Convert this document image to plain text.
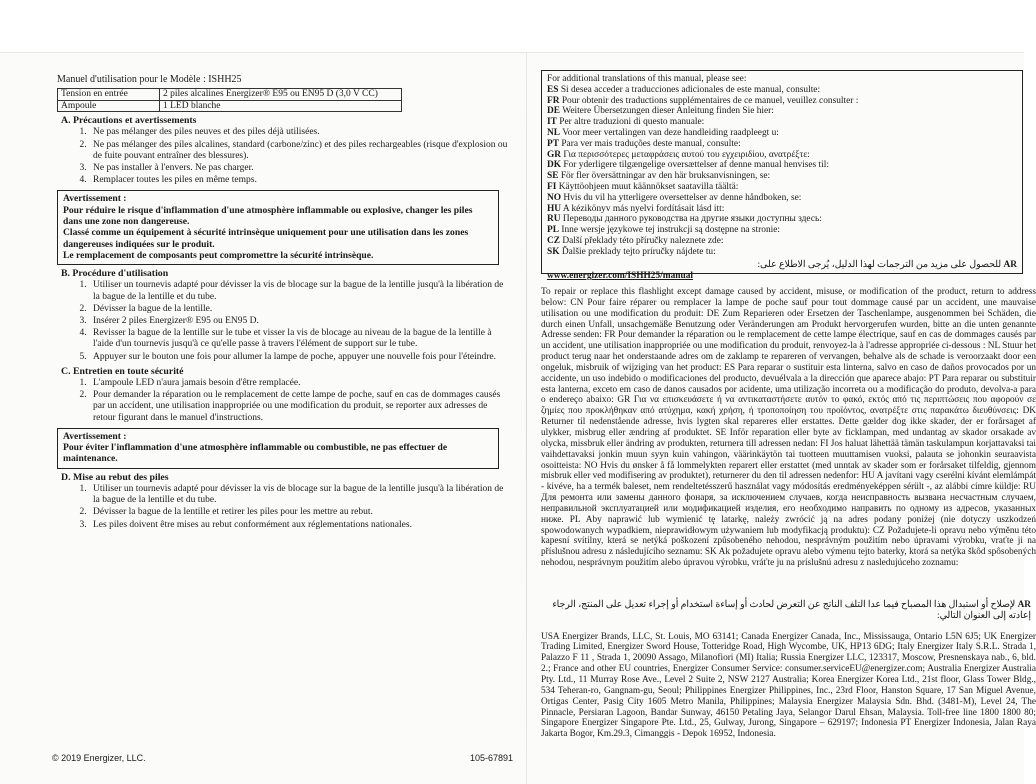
Manuel d'utilisation pour le Modèle : ISHH25
Tension en entrée	2 piles alcalines Energizer® E95 ou EN95 D (3,0 V CC)
Ampoule	1 LED blanche
A. Précautions et avertissements
1. Ne pas mélanger des piles neuves et des piles déjà utilisées.
2. Ne pas mélanger des piles alcalines, standard (carbone/zinc) et des piles rechargeables (risque d'explosion ou de fuite pouvant entraîner des blessures).
3. Ne pas installer à l'envers. Ne pas charger.
4. Remplacer toutes les piles en même temps.
Avertissement :
Pour réduire le risque d'inflammation d'une atmosphère inflammable ou explosive, changer les piles dans une zone non dangereuse.
Classé comme un équipement à sécurité intrinsèque uniquement pour une utilisation dans les zones dangereuses indiquées sur le produit.
Le remplacement de composants peut compromettre la sécurité intrinsèque.
B. Procédure d'utilisation
1. Utiliser un tournevis adapté pour dévisser la vis de blocage sur la bague de la lentille jusqu'à la libération de la bague de la lentille et du tube.
2. Dévisser la bague de la lentille.
3. Insérer 2 piles Energizer® E95 ou EN95 D.
4. Revisser la bague de la lentille sur le tube et visser la vis de blocage au niveau de la bague de la lentille à l'aide d'un tournevis jusqu'à ce qu'elle passe à travers l'élément de support sur le tube.
5. Appuyer sur le bouton une fois pour allumer la lampe de poche, appuyer une nouvelle fois pour l'éteindre.
C. Entretien en toute sécurité
1. L'ampoule LED n'aura jamais besoin d'être remplacée.
2. Pour demander la réparation ou le remplacement de cette lampe de poche, sauf en cas de dommages causés par un accident, une utilisation inappropriée ou une modification du produit, se reporter aux adresses de retour figurant dans le manuel d'instructions.
Avertissement :
Pour éviter l'inflammation d'une atmosphère inflammable ou combustible, ne pas effectuer de maintenance.
D. Mise au rebut des piles
1. Utiliser un tournevis adapté pour dévisser la vis de blocage sur la bague de la lentille jusqu'à la libération de la bague de la lentille et du tube.
2. Dévisser la bague de la lentille et retirer les piles pour les mettre au rebut.
3. Les piles doivent être mises au rebut conformément aux réglementations nationales.
© 2019 Energizer, LLC.	105-67891
For additional translations of this manual, please see:
ES Si desea acceder a traducciones adicionales de este manual, consulte:
FR Pour obtenir des traductions supplémentaires de ce manuel, veuillez consulter :
DE Weitere Übersetzungen dieser Anleitung finden Sie hier:
IT Per altre traduzioni di questo manuale:
NL Voor meer vertalingen van deze handleiding raadpleegt u:
PT Para ver mais traduções deste manual, consulte:
GR Για περισσότερες μεταφράσεις αυτού του εγχειριδίου, ανατρέξτε:
DK For yderligere tilgængelige oversættelser af denne manual henvises til:
SE För fler översättningar av den här bruksanvisningen, se:
FI Käyttöohjeen muut käännökset saatavilla täältä:
NO Hvis du vil ha ytterligere oversettelser av denne håndboken, se:
HU A kézikönyv más nyelvi fordításait lásd itt:
RU Переводы данного руководства на другие языки доступны здесь:
PL Inne wersje językowe tej instrukcji są dostępne na stronie:
CZ Další překlady této příručky naleznete zde:
SK Ďalšie preklady tejto príručky nájdete tu:
AR للحصول على مزيد من الترجمات لهذا الدليل، يُرجى الاطلاع على:
www.energizer.com/ISHH25/manual
To repair or replace this flashlight except damage caused by accident, misuse, or modification of the product, return to address below: CN Pour faire réparer ou remplacer la lampe de poche sauf pour tout dommage causé par un accident, une mauvaise utilisation ou une modification du produit: DE Zum Reparieren oder Ersetzen der Taschenlampe, ausgenommen bei Schäden, die durch einen Unfall, unsachgemäße Benutzung oder Veränderungen am Produkt hervorgerufen wurden, bitte an die unten genannte Adresse senden: FR Pour demander la réparation ou le remplacement de cette lampe électrique, sauf en cas de dommages causés par un accident, une utilisation inappropriée ou une modification du produit, renvoyez-la à l'adresse appropriée ci-dessous : NL Stuur het product terug naar het onderstaande adres om de zaklamp te repareren of vervangen, behalve als de schade is veroorzaakt door een ongeluk, misbruik of wijziging van het product: ES Para reparar o sustituir esta linterna, salvo en caso de daños provocados por un accidente, un uso indebido o modificaciones del producto, devuélvala a la dirección que aparece abajo: PT Para reparar ou substituir esta lanterna, exceto em caso de danos causados por acidente, uma utilização incorreta ou a modificação do produto, devolva-a para o endereço abaixo: GR Για να επισκευάσετε ή να αντικαταστήσετε αυτόν το φακό, εκτός από τις περιπτώσεις που αφορούν σε ζημίες που προκλήθηκαν από ατύχημα, κακή χρήση, ή τροποποίηση του προϊόντος, ανατρέξτε στις παρακάτω διευθύνσεις: DK Returner til nedenstående adresse, hvis lygten skal repareres eller erstattes. Dette gælder dog ikke skader, der er forårsaget af ulykker, misbrug eller ændring af produktet. SE Inför reparation eller byte av ficklampan, med undantag av skador orsakade av olycka, missbruk eller ändring av produkten, returnera till adressen nedan: FI Jos haluat lähettää tämän taskulampun korjattavaksi tai vaihdettavaksi jonkin muun syyn kuin vahingon, väärinkäytön tai tuotteen muuttamisen vuoksi, palauta se johonkin seuraavista osoitteista: NO Hvis du ønsker å få lommelykten reparert eller erstattet (med unntak av skader som er forårsaket tilfeldig, gjennom misbruk eller ved modifisering av produktet), returnerer du den til adressen nedenfor: HU A javítani vagy cserélni kívánt elemlámpát - kivéve, ha a termék baleset, nem rendeltetésszerű használat vagy módosítás eredményeképpen sérült -, az alábbi címre küldje: RU Для ремонта или замены данного фонаря, за исключением случаев, когда неисправность вызвана несчастным случаем, неправильной эксплуатацией или модификацией изделия, его необходимо направить по одному из адресов, указанных ниже. PL Aby naprawić lub wymienić tę latarkę, należy zwrócić ją na adres podany poniżej (nie dotyczy uszkodzeń spowodowanych wypadkiem, nieprawidłowym używaniem lub modyfikacją produktu): CZ Požadujete-li opravu nebo výměnu této kapesní svítilny, která se netýká poškození způsobeného nehodou, nesprávným použitím nebo úpravami výrobku, vraťte ji na příslušnou adresu z následujícího seznamu: SK Ak požadujete opravu alebo výmenu tejto baterky, ktorá sa netýka škôd spôsobených nehodou, nesprávnym použitím alebo úpravou výrobku, vráťte ju na príslušnú adresu z nasledujúceho zoznamu:
AR لإصلاح أو استبدال هذا المصباح فيما عدا التلف الناتج عن التعرض لحادث أو إساءة استخدام أو إجراء تعديل على المنتج، الرجاء إعادته إلى العنوان التالي:
USA Energizer Brands, LLC, St. Louis, MO 63141; Canada Energizer Canada, Inc., Mississauga, Ontario L5N 6J5; UK Energizer Trading Limited, Energizer Sword House, Totteridge Road, High Wycombe, UK, HP13 6DG; Italy Energizer Italy S.R.L. Strada 1, Palazzo F 11 , Strada 1, 20090 Assago, Milanofiori (MI) Italia; Russia Energizer LLC, 123317, Moscow, Presnenskaya nab., 6, bld. 2.; France and other EU countries, Energizer Consumer Service: consumer.serviceEU@energizer.com; Australia Energizer Australia Pty. Ltd., 11 Murray Rose Ave., Level 2 Suite 2, NSW 2127 Australia; Korea Energizer Korea Ltd., 21st floor, Glass Tower Bldg., 534 Teheran-ro, Gangnam-gu, Seoul; Philippines Energizer Philippines, Inc., 23rd Floor, Hanston Square, 17 San Miguel Avenue, Ortigas Center, Pasig City 1605 Metro Manila, Philippines; Malaysia Energizer Malaysia Sdn. Bhd. (3481-M), Level 24, The Pinnacle, Persiaran Lagoon, Bandar Sunway, 46150 Petaling Jaya, Selangor Darul Ehsan, Malaysia. Toll-free line 1800 1800 80; Singapore Energizer Singapore Pte. Ltd., 25, Gulway, Jurong, Singapore – 629197; Indonesia PT Energizer Indonesia, Jalan Raya Jakarta Bogor, Km.29.3, Cimanggis - Depok 16952, Indonesia.
